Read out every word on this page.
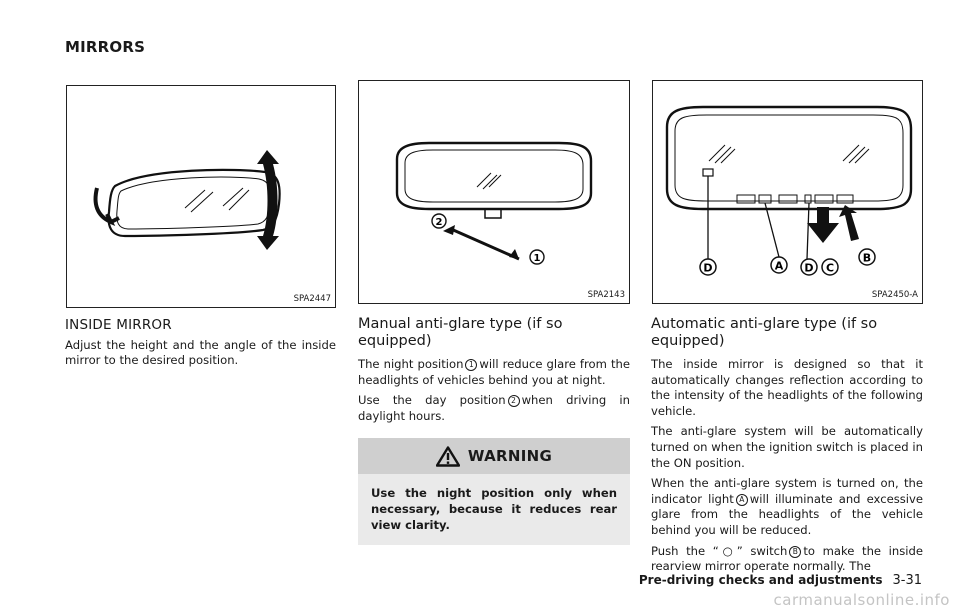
MIRRORS
SPA2447
2
1
SPA2143
D	A D C
B
SPA2450-A
INSIDE MIRROR

Adjust the height and the angle of the inside mirror to the desired position.

Manual anti-glare type (if so equipped)

The night position 1 will reduce glare from the headlights of vehicles behind you at night.

Use the day position 2 when driving in daylight hours.

WARNING
Use the night position only when necessary, because it reduces rear view clarity.
Automatic anti-glare type (if so equipped)

The inside mirror is designed so that it automatically changes reflection according to the intensity of the headlights of the following vehicle.

The anti-glare system will be automatically turned on when the ignition switch is placed in the ON position.

When the anti-glare system is turned on, the indicator light A will illuminate and excessive glare from the headlights of the vehicle behind you will be reduced.

Push the “○” switch B to make the inside rearview mirror operate normally. The

Pre-driving checks and adjustments 3-31
carmanualsonline.info
